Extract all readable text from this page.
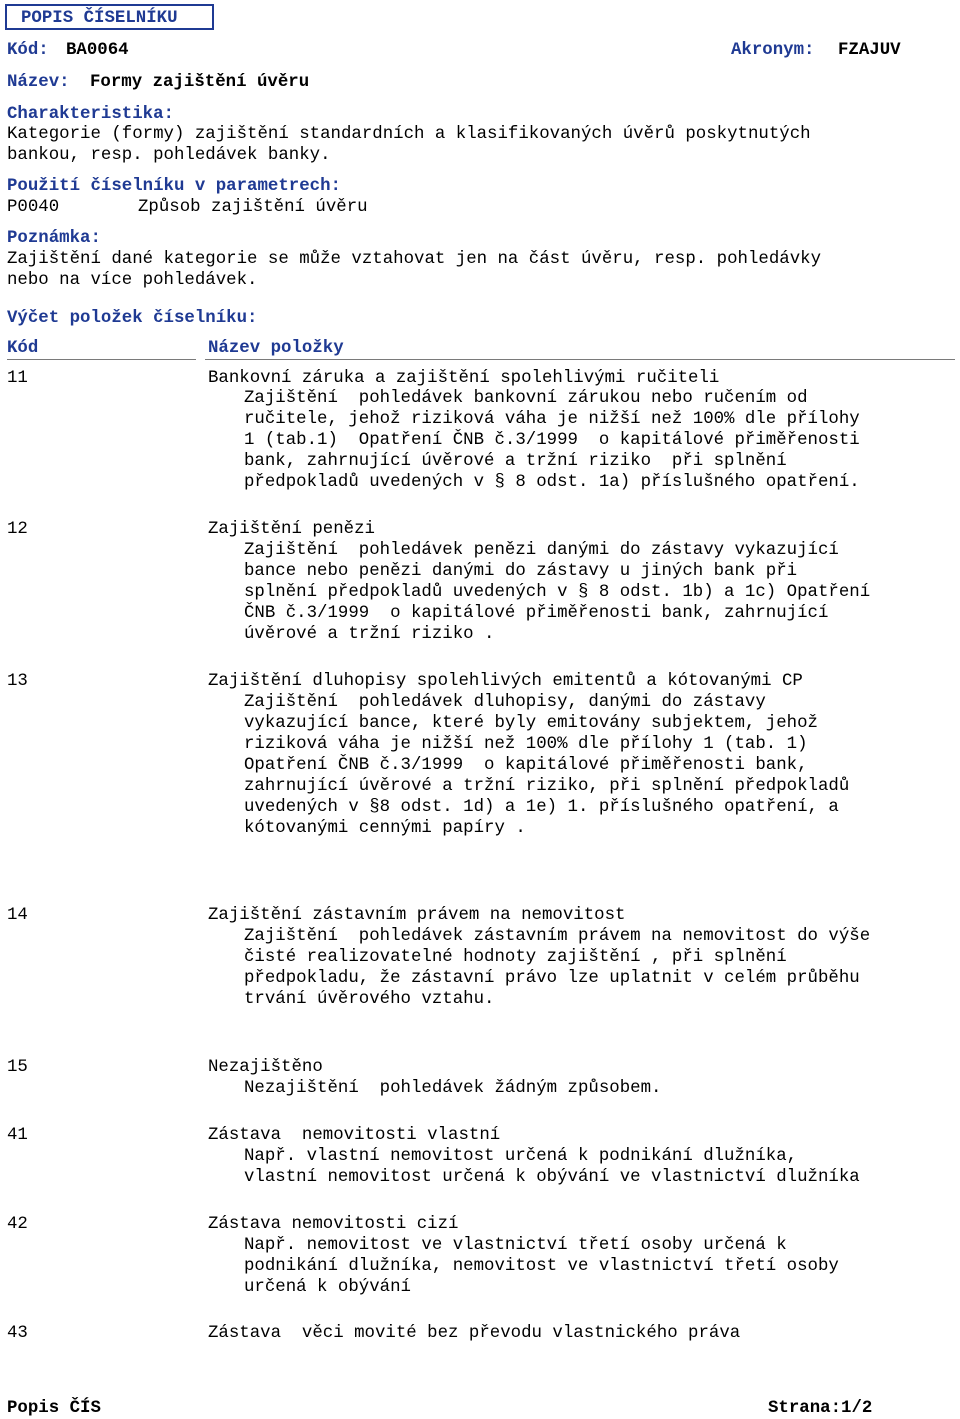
POPIS ČÍSELNÍKU
Kód: BA0064	Akronym: FZAJUV
Název: Formy zajištění úvěru
Charakteristika:
Kategorie (formy) zajištění standardních a klasifikovaných úvěrů poskytnutých
bankou, resp. pohledávek banky.
Použití číselníku v parametrech:
P0040	Způsob zajištění úvěru
Poznámka:
Zajištění dané kategorie se může vztahovat jen na část úvěru, resp. pohledávky
nebo na více pohledávek.
Výčet položek číselníku:
Kód	Název položky
11	Bankovní záruka a zajištění spolehlivými ručiteli
Zajištění  pohledávek bankovní zárukou nebo ručením od
ručitele, jehož riziková váha je nižší než 100% dle přílohy
1 (tab.1)  Opatření ČNB č.3/1999  o kapitálové přiměřenosti
bank, zahrnující úvěrové a tržní riziko  při splnění
předpokladů uvedených v § 8 odst. 1a) příslušného opatření.
12	Zajištění penězi
Zajištění  pohledávek penězi danými do zástavy vykazující
bance nebo penězi danými do zástavy u jiných bank při
splnění předpokladů uvedených v § 8 odst. 1b) a 1c) Opatření
ČNB č.3/1999  o kapitálové přiměřenosti bank, zahrnující
úvěrové a tržní riziko .
13	Zajištění dluhopisy spolehlivých emitentů a kótovanými CP
Zajištění  pohledávek dluhopisy, danými do zástavy
vykazující bance, které byly emitovány subjektem, jehož
riziková váha je nižší než 100% dle přílohy 1 (tab. 1)
Opatření ČNB č.3/1999  o kapitálové přiměřenosti bank,
zahrnující úvěrové a tržní riziko, při splnění předpokladů
uvedených v §8 odst. 1d) a 1e) 1. příslušného opatření, a
kótovanými cennými papíry .
14	Zajištění zástavním právem na nemovitost
Zajištění  pohledávek zástavním právem na nemovitost do výše
čisté realizovatelné hodnoty zajištění , při splnění
předpokladu, že zástavní právo lze uplatnit v celém průběhu
trvání úvěrového vztahu.
15	Nezajištěno
Nezajištění  pohledávek žádným způsobem.
41	Zástava  nemovitosti vlastní
Např. vlastní nemovitost určená k podnikání dlužníka,
vlastní nemovitost určená k obývání ve vlastnictví dlužníka
42	Zástava nemovitosti cizí
Např. nemovitost ve vlastnictví třetí osoby určená k
podnikání dlužníka, nemovitost ve vlastnictví třetí osoby
určená k obývání
43	Zástava  věci movité bez převodu vlastnického práva
Popis ČÍS	Strana:1/2
